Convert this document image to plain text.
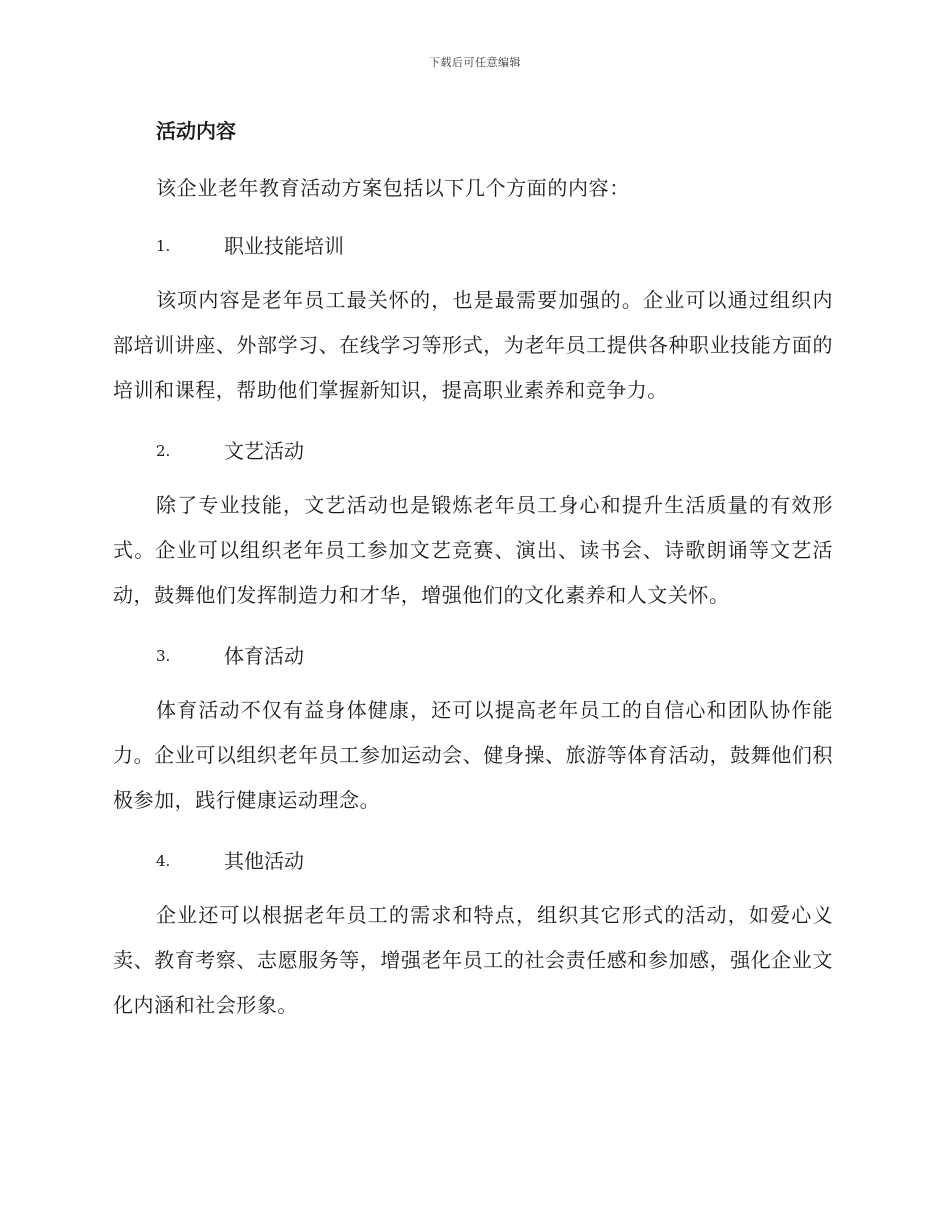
下载后可任意编辑
活动内容
该企业老年教育活动方案包括以下几个方面的内容：
1.	职业技能培训
该项内容是老年员工最关怀的，也是最需要加强的。企业可以通过组织内部培训讲座、外部学习、在线学习等形式，为老年员工提供各种职业技能方面的培训和课程，帮助他们掌握新知识，提高职业素养和竞争力。
2.	文艺活动
除了专业技能，文艺活动也是锻炼老年员工身心和提升生活质量的有效形式。企业可以组织老年员工参加文艺竞赛、演出、读书会、诗歌朗诵等文艺活动，鼓舞他们发挥制造力和才华，增强他们的文化素养和人文关怀。
3.	体育活动
体育活动不仅有益身体健康，还可以提高老年员工的自信心和团队协作能力。企业可以组织老年员工参加运动会、健身操、旅游等体育活动，鼓舞他们积极参加，践行健康运动理念。
4.	其他活动
企业还可以根据老年员工的需求和特点，组织其它形式的活动，如爱心义卖、教育考察、志愿服务等，增强老年员工的社会责任感和参加感，强化企业文化内涵和社会形象。
